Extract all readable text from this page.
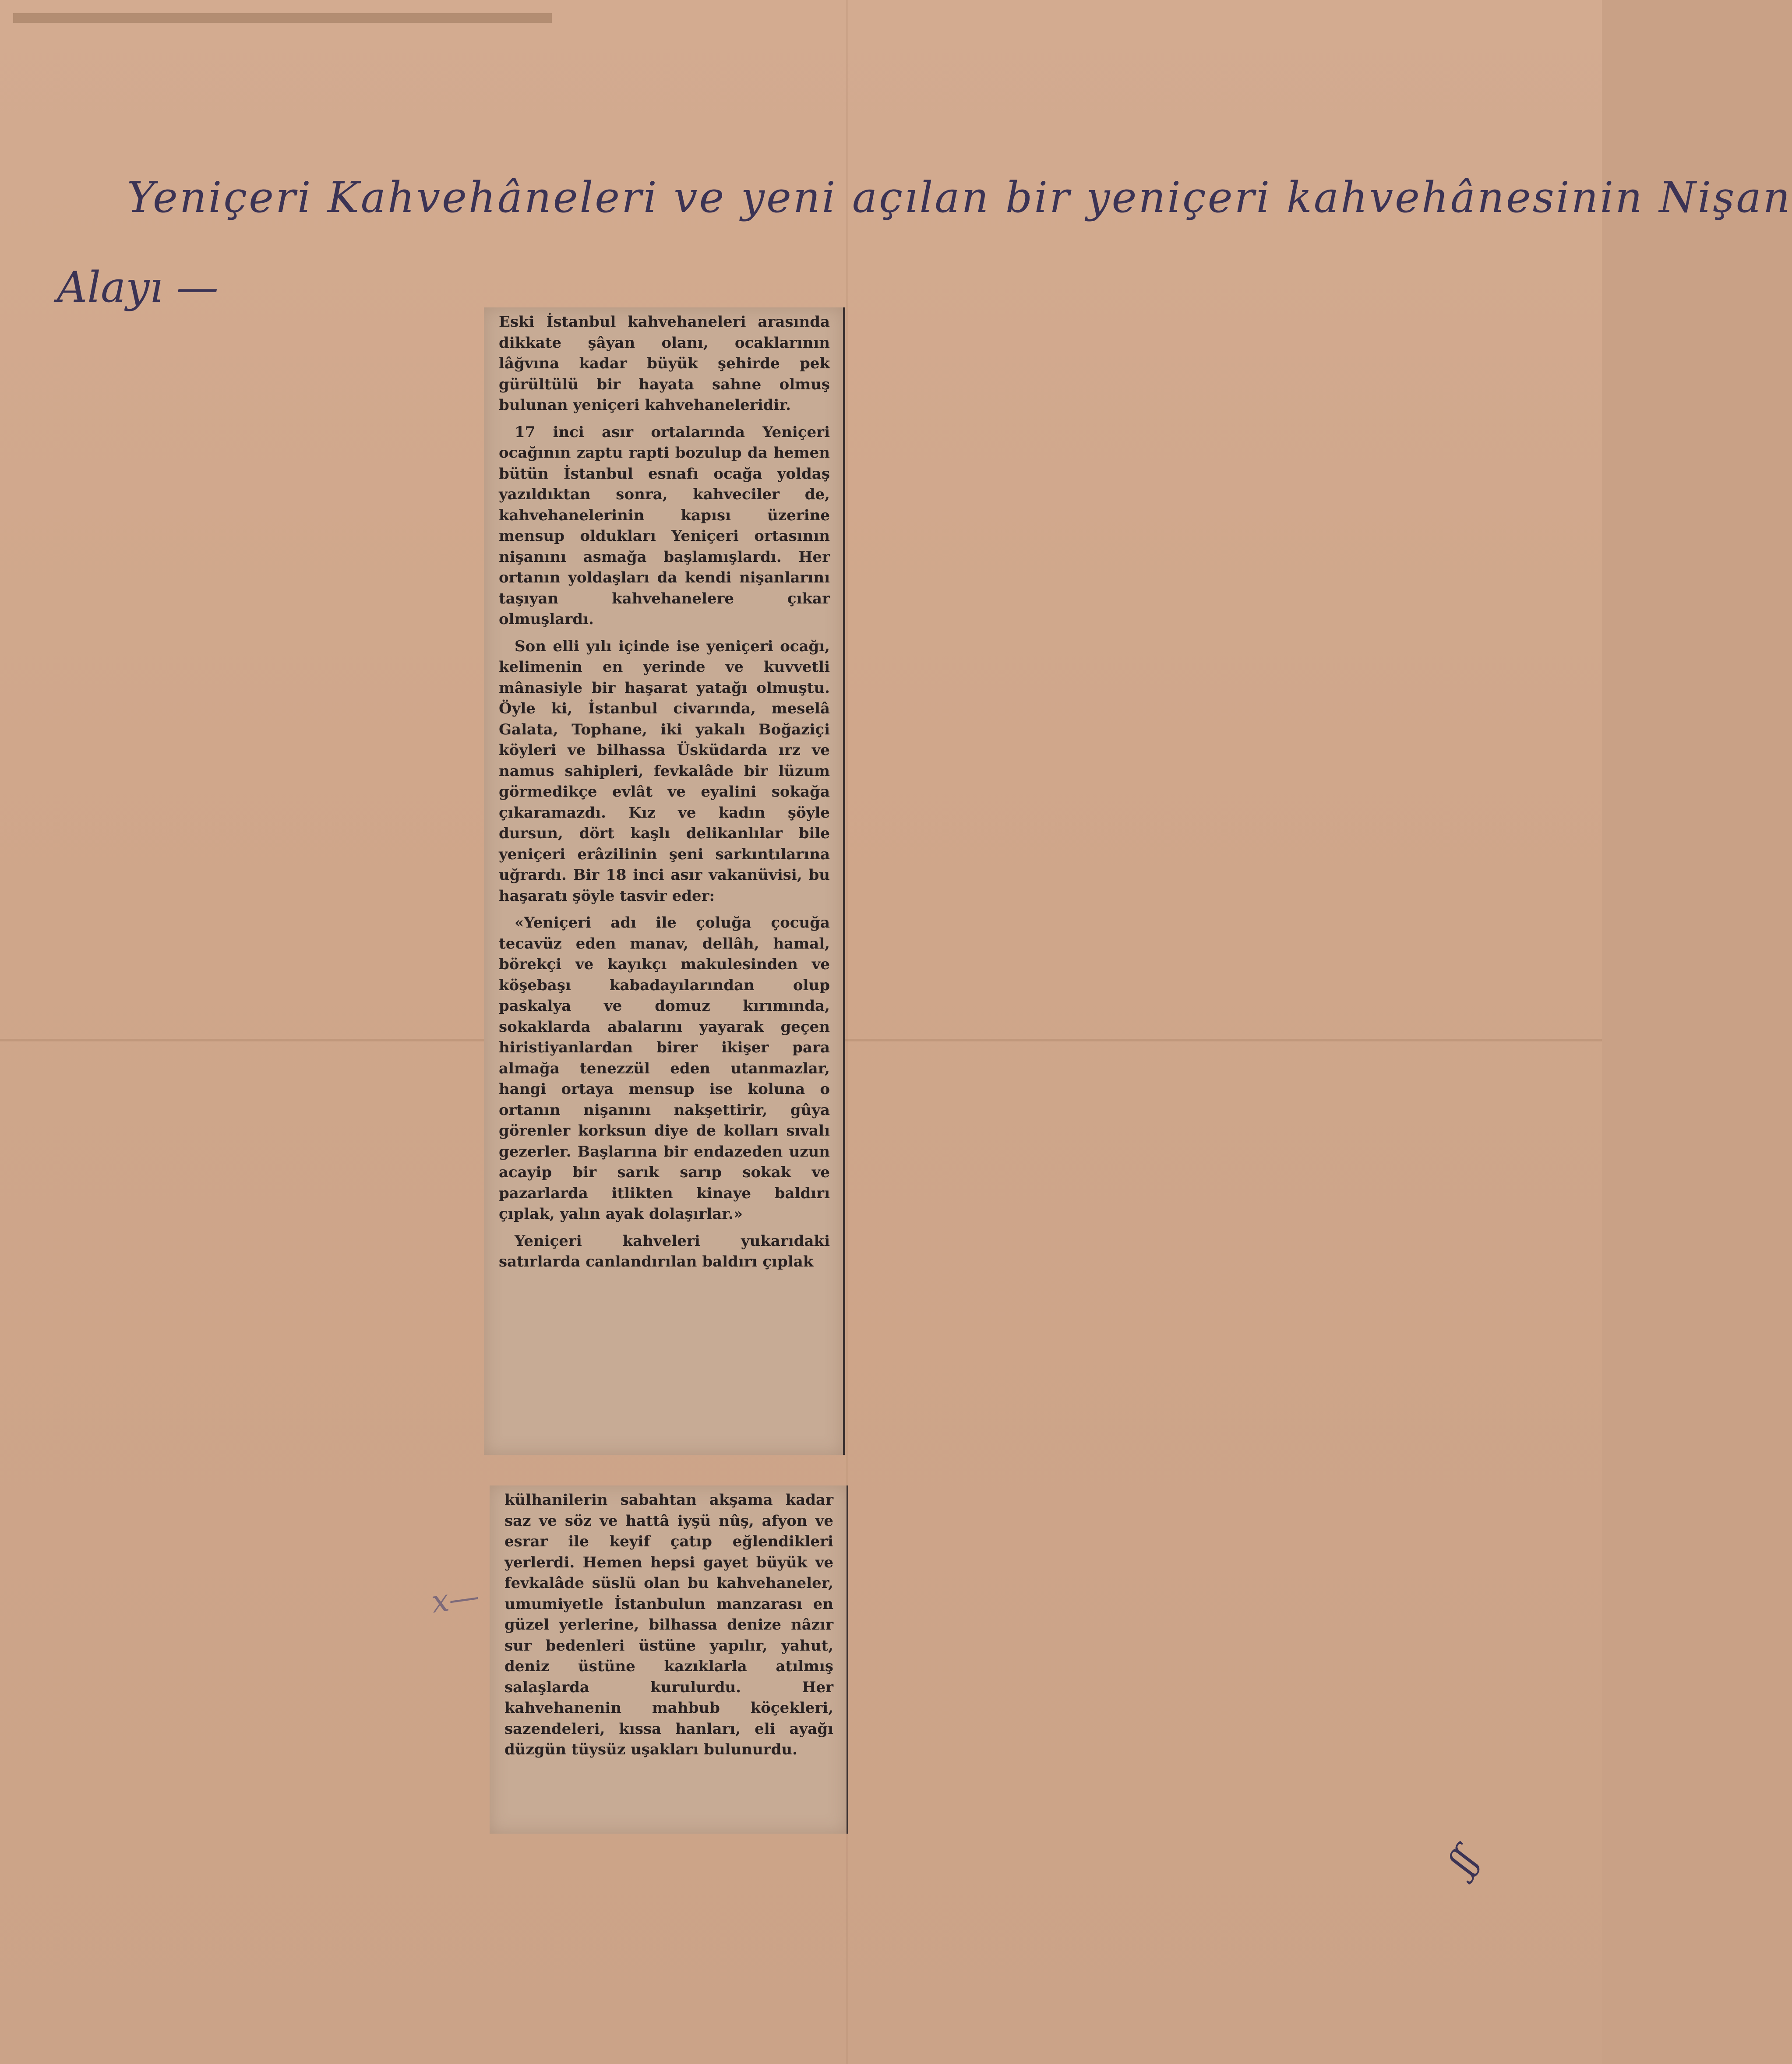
Yeniçeri Kahvehâneleri ve yeni açılan bir yeniçeri kahvehânesinin Nişan
Alayı —

Eski İstanbul kahvehaneleri arasında dikkate şâyan olanı, ocaklarının lâğvına kadar büyük şehirde pek gürültülü bir hayata sahne olmuş bulunan yeniçeri kahvehaneleridir.

17 inci asır ortalarında Yeniçeri ocağının zaptu rapti bozulup da hemen bütün İstanbul esnafı ocağa yoldaş yazıldıktan sonra, kahveciler de, kahvehanelerinin kapısı üzerine mensup oldukları Yeniçeri ortasının nişanını asmağa başlamışlardı. Her ortanın yoldaşları da kendi nişanlarını taşıyan kahvehanelere çıkar olmuşlardı.

Son elli yılı içinde ise yeniçeri ocağı, kelimenin en yerinde ve kuvvetli mânasiyle bir haşarat yatağı olmuştu. Öyle ki, İstanbul civarında, meselâ Galata, Tophane, iki yakalı Boğaziçi köyleri ve bilhassa Üsküdarda ırz ve namus sahipleri, fevkalâde bir lüzum görmedikçe evlât ve eyalini sokağa çıkaramazdı. Kız ve kadın şöyle dursun, dört kaşlı delikanlılar bile yeniçeri erâzilinin şeni sarkıntılarına uğrardı. Bir 18 inci asır vakanüvisi, bu haşaratı şöyle tasvir eder:

«Yeniçeri adı ile çoluğa çocuğa tecavüz eden manav, dellâh, hamal, börekçi ve kayıkçı makulesinden ve köşebaşı kabadayılarından olup paskalya ve domuz kırımında, sokaklarda abalarını yayarak geçen hiristiyanlardan birer ikişer para almağa tenezzül eden utanmazlar, hangi ortaya mensup ise koluna o ortanın nişanını nakşettirir, gûya görenler korksun diye de kolları sıvalı gezerler. Başlarına bir endazeden uzun acayip bir sarık sarıp sokak ve pazarlarda itlikten kinaye baldırı çıplak, yalın ayak dolaşırlar.»

Yeniçeri kahveleri yukarıdaki satırlarda canlandırılan baldırı çıplak

külhanilerin sabahtan akşama kadar saz ve söz ve hattâ iyşü nûş, afyon ve esrar ile keyif çatıp eğlendikleri yerlerdi. Hemen hepsi gayet büyük ve fevkalâde süslü olan bu kahvehaneler, umumiyetle İstanbulun manzarası en güzel yerlerine, bilhassa denize nâzır sur bedenleri üstüne yapılır, yahut, deniz üstüne kazıklarla atılmış salaşlarda kurulurdu. Her kahvehanenin mahbub köçekleri, sazendeleri, kıssa hanları, eli ayağı düzgün tüysüz uşakları bulunurdu.

x—
ʃʃ
